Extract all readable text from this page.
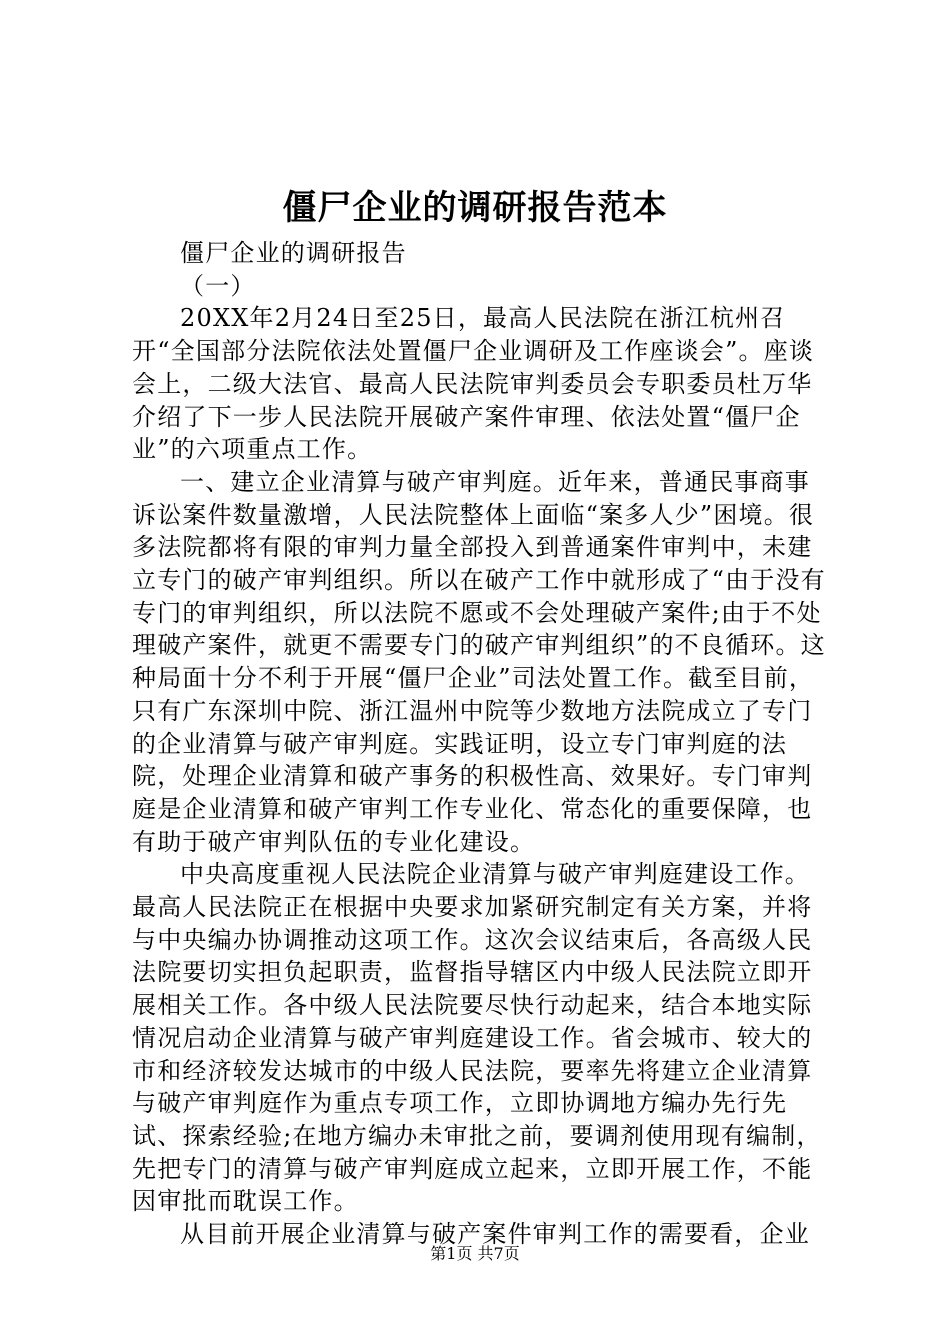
僵尸企业的调研报告范本

僵尸企业的调研报告

（一）

20XX年2月24日至25日，最高人民法院在浙江杭州召开“全国部分法院依法处置僵尸企业调研及工作座谈会”。座谈会上，二级大法官、最高人民法院审判委员会专职委员杜万华介绍了下一步人民法院开展破产案件审理、依法处置“僵尸企业”的六项重点工作。

一、建立企业清算与破产审判庭。近年来，普通民事商事诉讼案件数量激增，人民法院整体上面临“案多人少”困境。很多法院都将有限的审判力量全部投入到普通案件审判中，未建立专门的破产审判组织。所以在破产工作中就形成了“由于没有专门的审判组织，所以法院不愿或不会处理破产案件;由于不处理破产案件，就更不需要专门的破产审判组织”的不良循环。这种局面十分不利于开展“僵尸企业”司法处置工作。截至目前，只有广东深圳中院、浙江温州中院等少数地方法院成立了专门的企业清算与破产审判庭。实践证明，设立专门审判庭的法院，处理企业清算和破产事务的积极性高、效果好。专门审判庭是企业清算和破产审判工作专业化、常态化的重要保障，也有助于破产审判队伍的专业化建设。

中央高度重视人民法院企业清算与破产审判庭建设工作。最高人民法院正在根据中央要求加紧研究制定有关方案，并将与中央编办协调推动这项工作。这次会议结束后，各高级人民法院要切实担负起职责，监督指导辖区内中级人民法院立即开展相关工作。各中级人民法院要尽快行动起来，结合本地实际情况启动企业清算与破产审判庭建设工作。省会城市、较大的市和经济较发达城市的中级人民法院，要率先将建立企业清算与破产审判庭作为重点专项工作，立即协调地方编办先行先试、探索经验;在地方编办未审批之前，要调剂使用现有编制，先把专门的清算与破产审判庭成立起来，立即开展工作，不能因审批而耽误工作。

从目前开展企业清算与破产案件审判工作的需要看，企业

第1页 共7页
